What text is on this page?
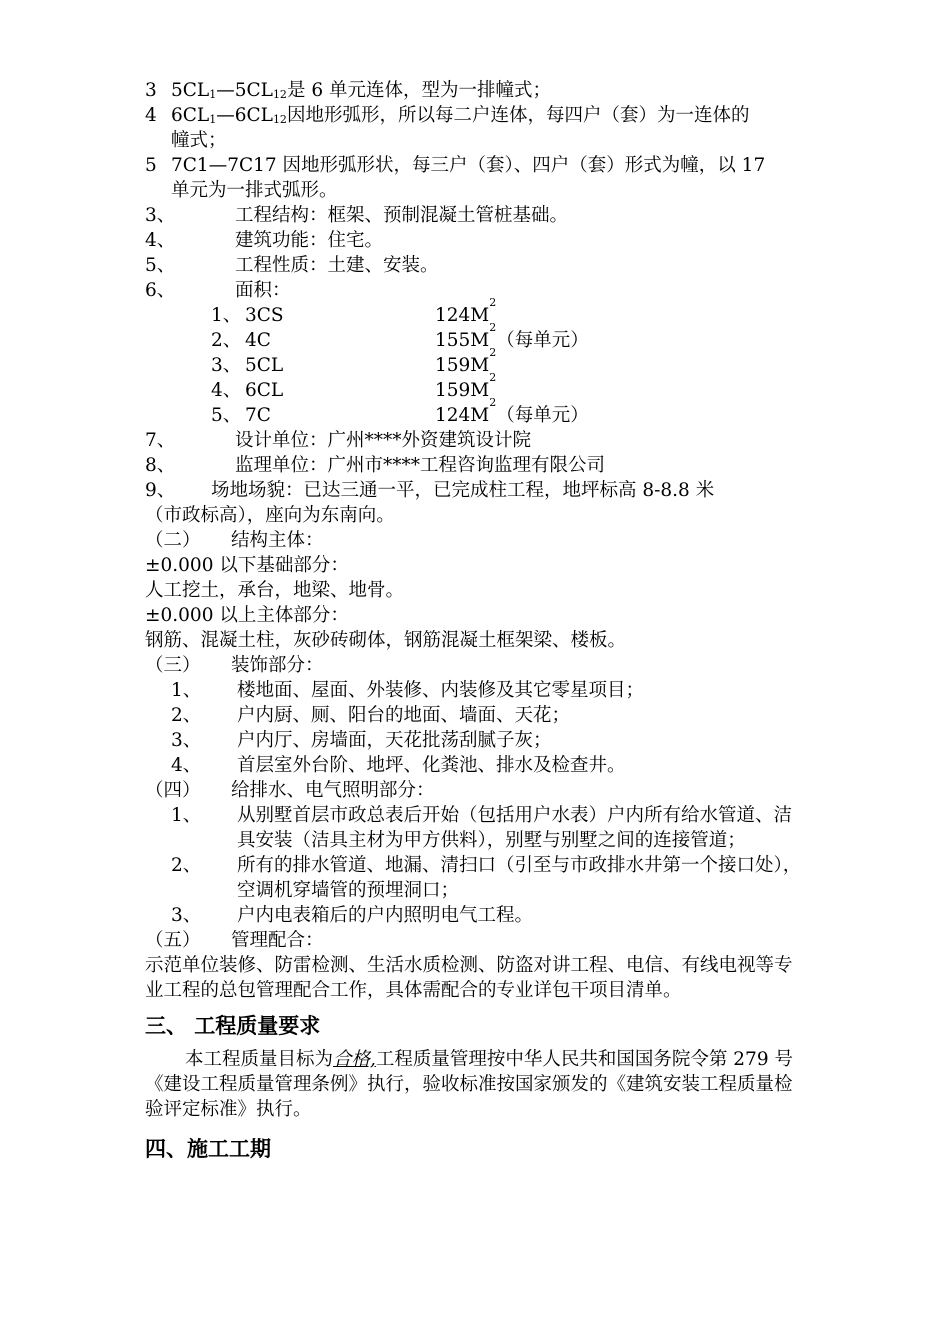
3 $5CL_1—5CL_{12}$是 6 单元连体，型为一排幢式；
4 $6CL_1—6CL_{12}$因地形弧形，所以每二户连体，每四户（套）为一连体的
幢式；
5 7C1—7C17 因地形弧形状，每三户（套）、四户（套）形式为幢，以 17
单元为一排式弧形。
3、	工程结构：框架、预制混凝土管桩基础。
4、	建筑功能：住宅。
5、	工程性质：土建、安装。
6、	面积：
1、 3CS	124M
2
2、 4C	155M
2
（每单元）
3、 5CL	159M
2
4、 6CL	159M
2
5、 7C	124M
2
（每单元）
7、	设计单位：广州****外资建筑设计院
8、	监理单位：广州市****工程咨询监理有限公司
9、	场地场貌：已达三通一平，已完成柱工程，地坪标高 8-8.8 米
（市政标高），座向为东南向。
（二）	结构主体：
±0.000 以下基础部分：
人工挖土，承台，地梁、地骨。
±0.000 以上主体部分：
钢筋、混凝土柱，灰砂砖砌体，钢筋混凝土框架梁、楼板。
（三）	装饰部分：
1、	楼地面、屋面、外装修、内装修及其它零星项目；
2、	户内厨、厕、阳台的地面、墙面、天花；
3、	户内厅、房墙面，天花批荡刮腻子灰；
4、	首层室外台阶、地坪、化粪池、排水及检查井。
（四）	给排水、电气照明部分：
1、	从别墅首层市政总表后开始（包括用户水表）户内所有给水管道、洁具安装（洁具主材为甲方供料），别墅与别墅之间的连接管道；
2、	所有的排水管道、地漏、清扫口（引至与市政排水井第一个接口处），空调机穿墙管的预埋洞口；
3、	户内电表箱后的户内照明电气工程。
（五）	管理配合：
示范单位装修、防雷检测、生活水质检测、防盗对讲工程、电信、有线电视等专业工程的总包管理配合工作，具体需配合的专业详包干项目清单。
三、 工程质量要求
本工程质量目标为合格,工程质量管理按中华人民共和国国务院令第 279 号《建设工程质量管理条例》执行，验收标准按国家颁发的《建筑安装工程质量检验评定标准》执行。
四、施工工期
